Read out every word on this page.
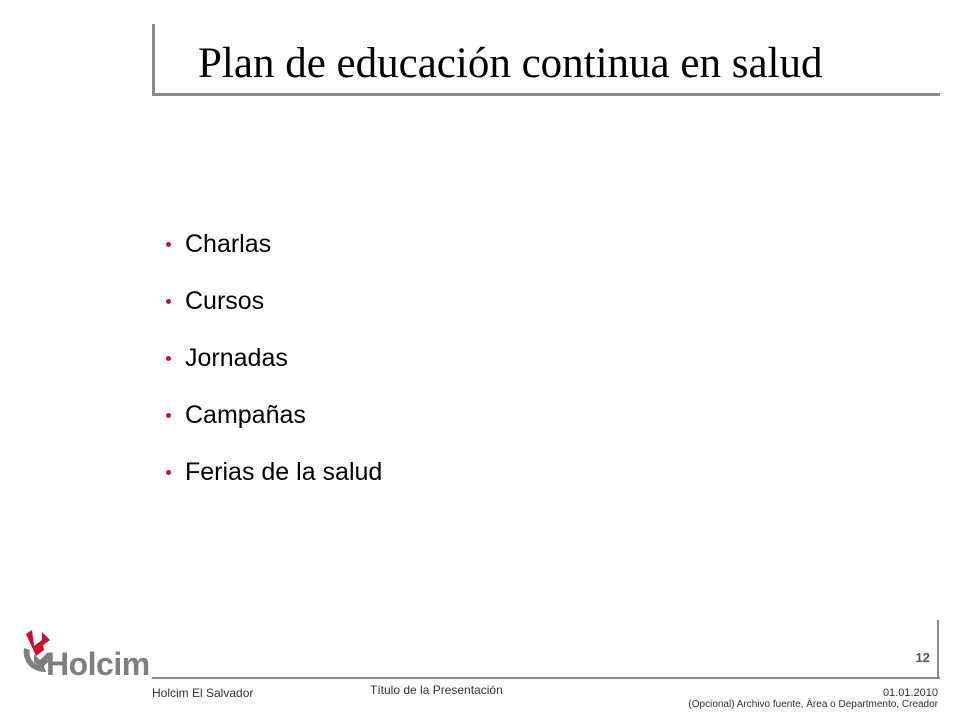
Plan de educación continua en salud
Charlas
Cursos
Jornadas
Campañas
Ferias de la salud
Holcim	12
Holcim El Salvador	Título de la Presentación	01.01.2010
(Opcional) Archivo fuente, Área o Departmento, Creador
